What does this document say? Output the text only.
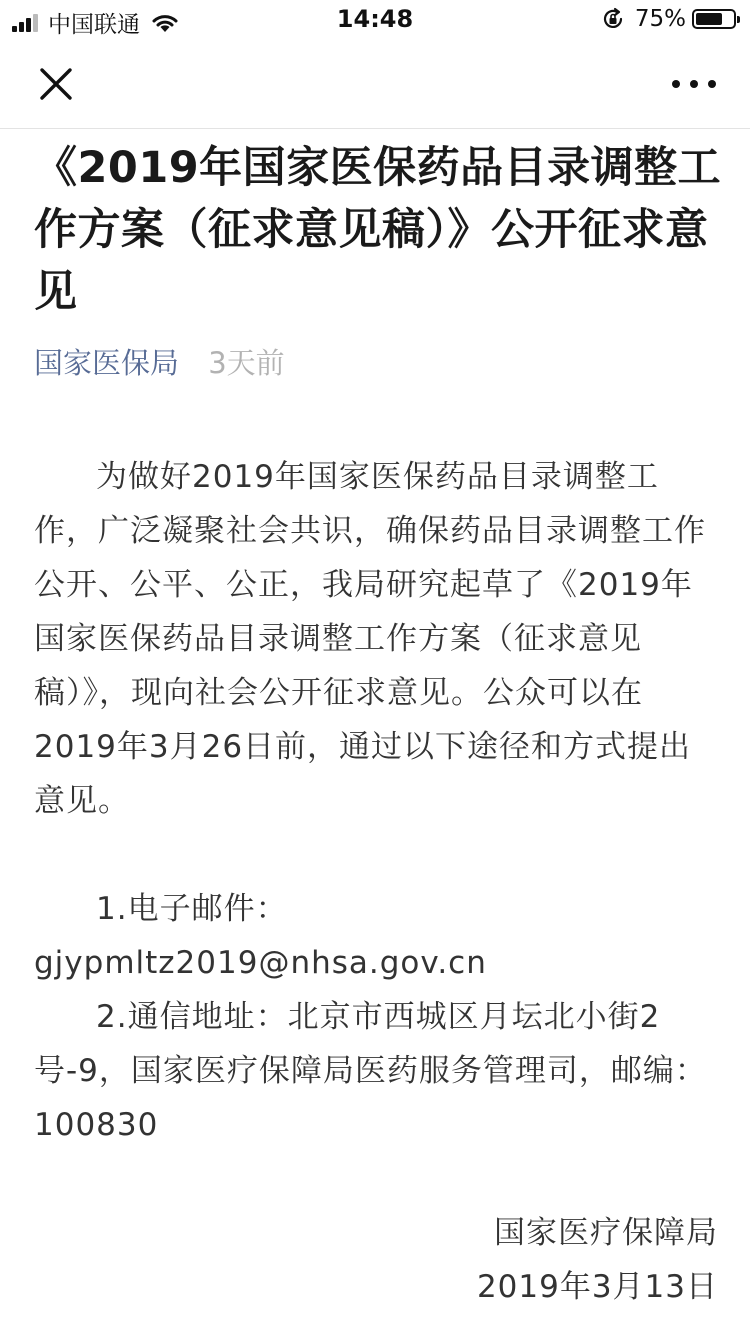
中国联通	14:48	75%
《2019年国家医保药品目录调整工作方案（征求意见稿）》公开征求意见
国家医保局 3天前

为做好2019年国家医保药品目录调整工作，广泛凝聚社会共识，确保药品目录调整工作公开、公平、公正，我局研究起草了《2019年国家医保药品目录调整工作方案（征求意见稿）》，现向社会公开征求意见。公众可以在2019年3月26日前，通过以下途径和方式提出意见。

1.电子邮件：

gjypmltz2019@nhsa.gov.cn

2.通信地址：北京市西城区月坛北小街2号-9，国家医疗保障局医药服务管理司，邮编：100830

国家医疗保障局

2019年3月13日
